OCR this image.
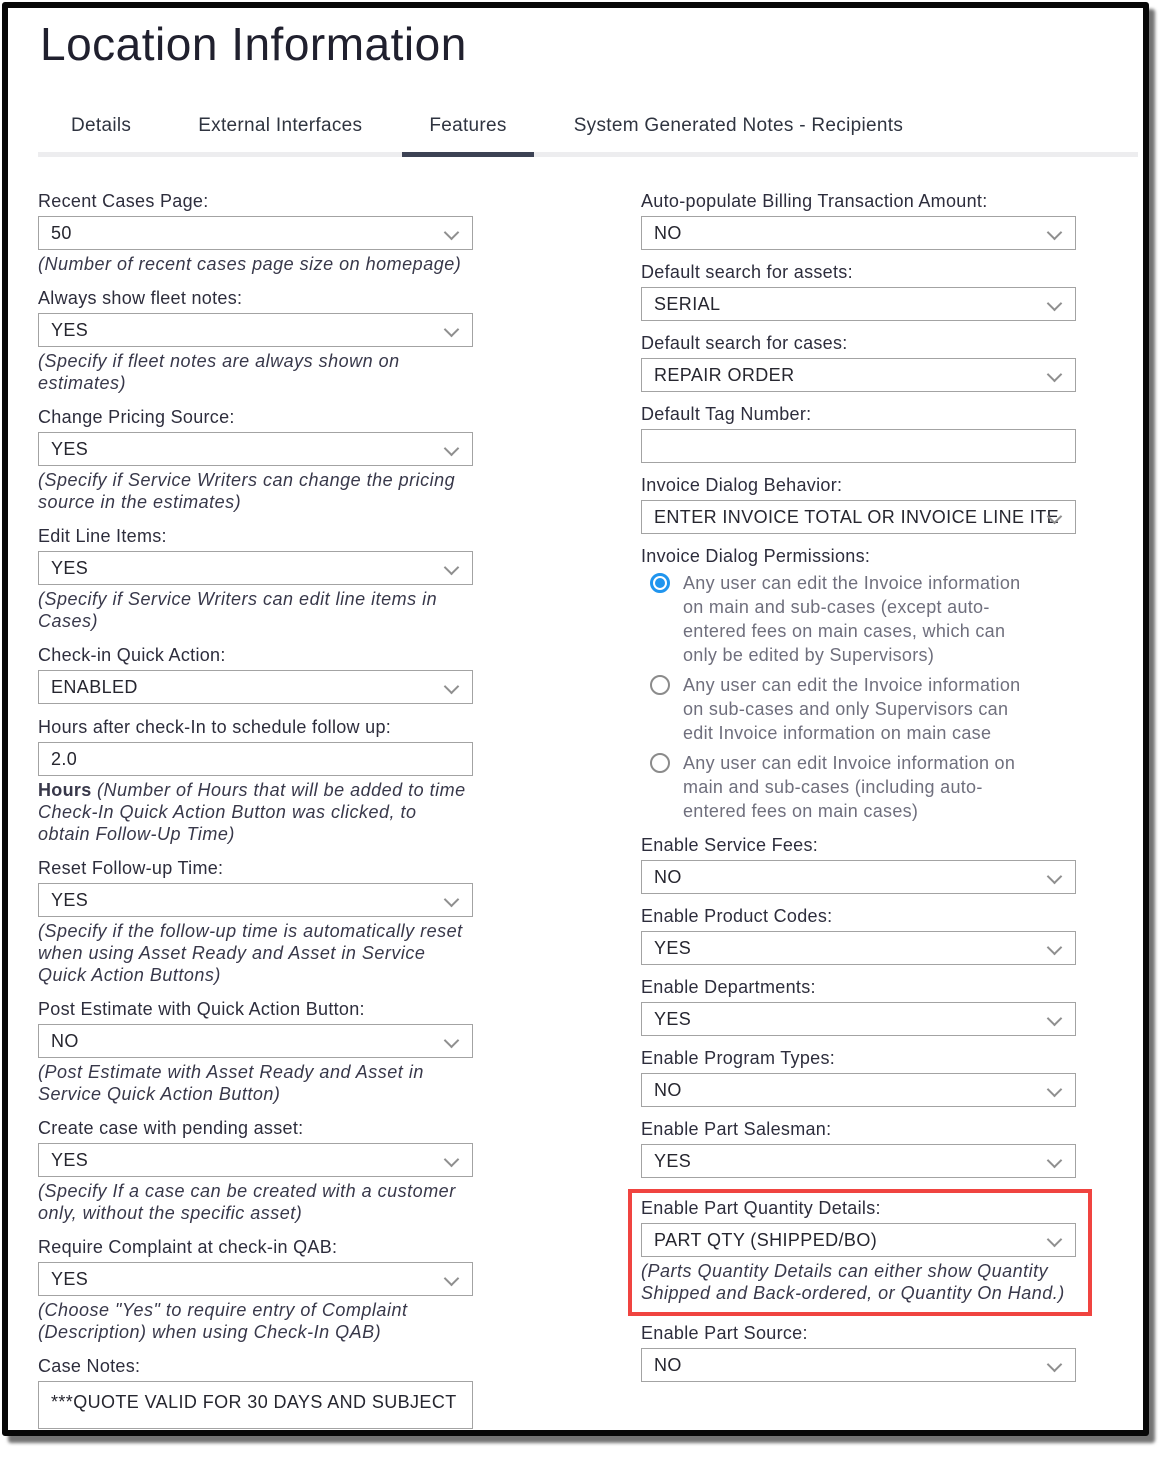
Location Information
Details	External Interfaces	Features	System Generated Notes - Recipients
Recent Cases Page:
50
(Number of recent cases page size on homepage)
Always show fleet notes:
YES
(Specify if fleet notes are always shown on estimates)
Change Pricing Source:
YES
(Specify if Service Writers can change the pricing source in the estimates)
Edit Line Items:
YES
(Specify if Service Writers can edit line items in Cases)
Check-in Quick Action:
ENABLED
Hours after check-In to schedule follow up:
2.0
Hours (Number of Hours that will be added to time Check-In Quick Action Button was clicked, to obtain Follow-Up Time)
Reset Follow-up Time:
YES
(Specify if the follow-up time is automatically reset when using Asset Ready and Asset in Service Quick Action Buttons)
Post Estimate with Quick Action Button:
NO
(Post Estimate with Asset Ready and Asset in Service Quick Action Button)
Create case with pending asset:
YES
(Specify If a case can be created with a customer only, without the specific asset)
Require Complaint at check-in QAB:
YES
(Choose "Yes" to require entry of Complaint (Description) when using Check-In QAB)
Case Notes:
***QUOTE VALID FOR 30 DAYS AND SUBJECT
Auto-populate Billing Transaction Amount:
NO
Default search for assets:
SERIAL
Default search for cases:
REPAIR ORDER
Default Tag Number:
Invoice Dialog Behavior:
ENTER INVOICE TOTAL OR INVOICE LINE ITE
Invoice Dialog Permissions:
Any user can edit the Invoice information on main and sub-cases (except auto-entered fees on main cases, which can only be edited by Supervisors)
Any user can edit the Invoice information on sub-cases and only Supervisors can edit Invoice information on main case
Any user can edit Invoice information on main and sub-cases (including auto-entered fees on main cases)
Enable Service Fees:
NO
Enable Product Codes:
YES
Enable Departments:
YES
Enable Program Types:
NO
Enable Part Salesman:
YES
Enable Part Quantity Details:
PART QTY (SHIPPED/BO)
(Parts Quantity Details can either show Quantity Shipped and Back-ordered, or Quantity On Hand.)
Enable Part Source:
NO
